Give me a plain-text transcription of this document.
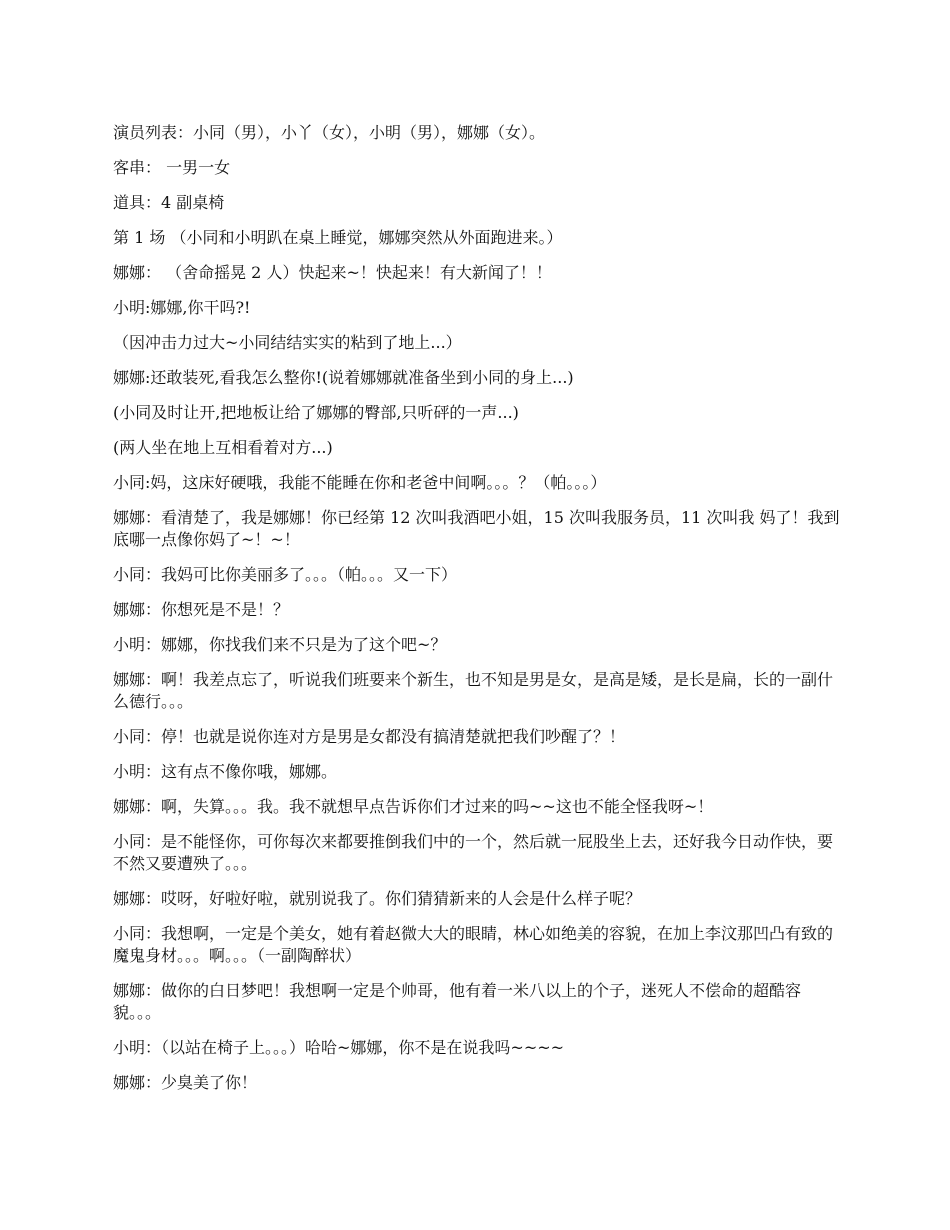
演员列表：小同（男），小丫（女），小明（男），娜娜（女）。

客串： 一男一女

道具：4 副桌椅

第 1 场 （小同和小明趴在桌上睡觉，娜娜突然从外面跑进来。）

娜娜： （舍命摇晃 2 人）快起来~！快起来！有大新闻了！！

小明:娜娜,你干吗?!

（因冲击力过大~小同结结实实的粘到了地上...）

娜娜:还敢装死,看我怎么整你!(说着娜娜就准备坐到小同的身上...)

(小同及时让开,把地板让给了娜娜的臀部,只听砰的一声...)

(两人坐在地上互相看着对方...)

小同:妈，这床好硬哦，我能不能睡在你和老爸中间啊。。。？（帕。。。）

娜娜：看清楚了，我是娜娜！你已经第 12 次叫我酒吧小姐，15 次叫我服务员，11 次叫我 妈了！我到底哪一点像你妈了~！~！

小同：我妈可比你美丽多了。。。（帕。。。又一下）

娜娜：你想死是不是！？

小明：娜娜，你找我们来不只是为了这个吧~？

娜娜：啊！我差点忘了，听说我们班要来个新生，也不知是男是女，是高是矮，是长是扁，长的一副什么德行。。。

小同：停！也就是说你连对方是男是女都没有搞清楚就把我们吵醒了？！

小明：这有点不像你哦，娜娜。

娜娜：啊，失算。。。我。我不就想早点告诉你们才过来的吗~~这也不能全怪我呀~！

小同：是不能怪你，可你每次来都要推倒我们中的一个，然后就一屁股坐上去，还好我今日动作快，要不然又要遭殃了。。。

娜娜：哎呀，好啦好啦，就别说我了。你们猜猜新来的人会是什么样子呢？

小同：我想啊，一定是个美女，她有着赵微大大的眼睛，林心如绝美的容貌，在加上李汶那凹凸有致的魔鬼身材。。。啊。。。（一副陶醉状）

娜娜：做你的白日梦吧！我想啊一定是个帅哥，他有着一米八以上的个子，迷死人不偿命的超酷容貌。。。

小明：（以站在椅子上。。。）哈哈~娜娜，你不是在说我吗~~~~

娜娜：少臭美了你！
